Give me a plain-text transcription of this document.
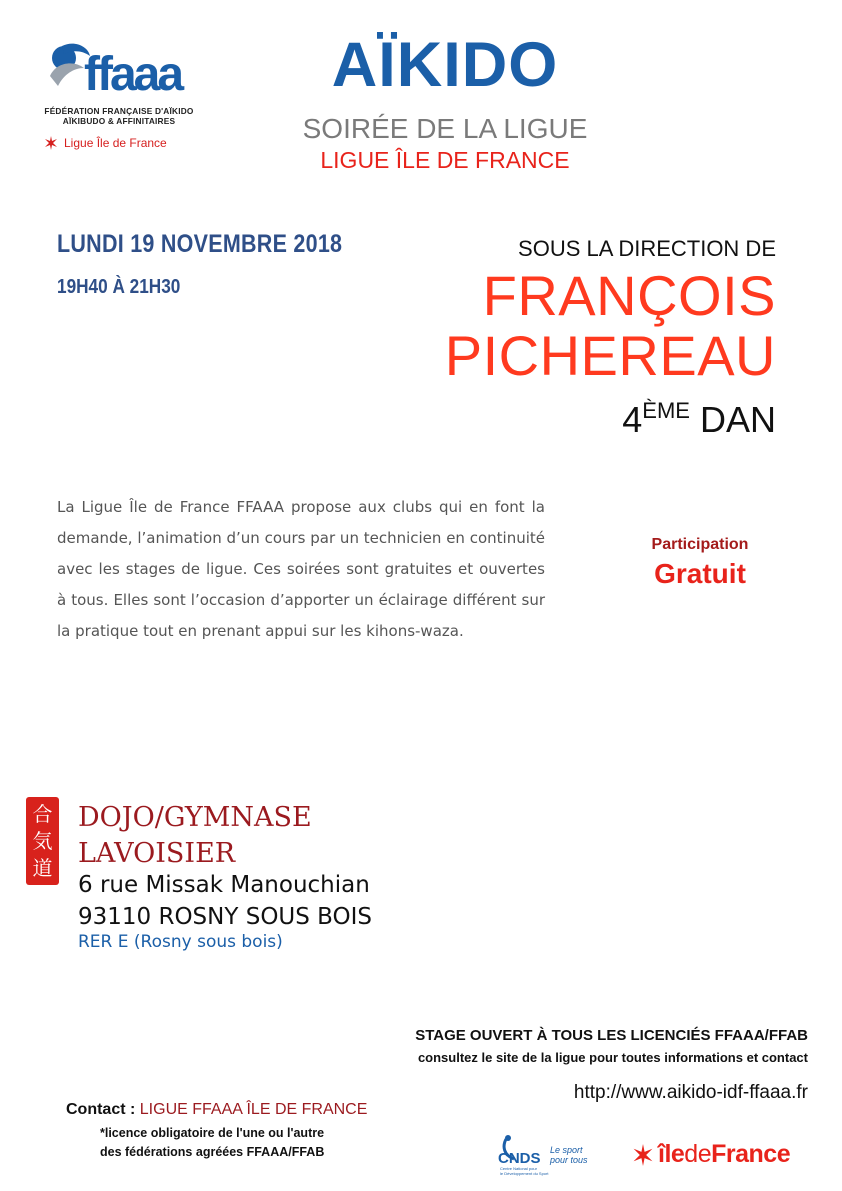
ffaaa
FÉDÉRATION FRANÇAISE D'AÏKIDO
AÏKIBUDO & AFFINITAIRES
Ligue Île de France
AÏKIDO
SOIRÉE DE LA LIGUE
LIGUE ÎLE DE FRANCE
LUNDI 19 NOVEMBRE 2018
19H40 À 21H30
SOUS LA DIRECTION DE
FRANÇOIS
PICHEREAU
4ÈME DAN
La Ligue Île de France FFAAA propose aux clubs qui en font la demande, l’animation d’un cours par un technicien en continuité avec les stages de ligue. Ces soirées sont gratuites et ouvertes à tous. Elles sont l’occasion d’apporter un éclairage différent sur la pratique tout en prenant appui sur les kihons-waza.
Participation
Gratuit
合
気
道
DOJO/GYMNASE
LAVOISIER
6 rue Missak Manouchian
93110 ROSNY SOUS BOIS
RER E (Rosny sous bois)
STAGE OUVERT À TOUS LES LICENCIÉS FFAAA/FFAB
consultez le site de la ligue pour toutes informations et contact
http://www.aikido-idf-ffaaa.fr
Contact : LIGUE FFAAA ÎLE DE FRANCE
*licence obligatoire de l'une ou l'autre
des fédérations agréées FFAAA/FFAB	CNDS Le sport
pour tous
Centre National pour
le Développement du Sport
îledeFrance
